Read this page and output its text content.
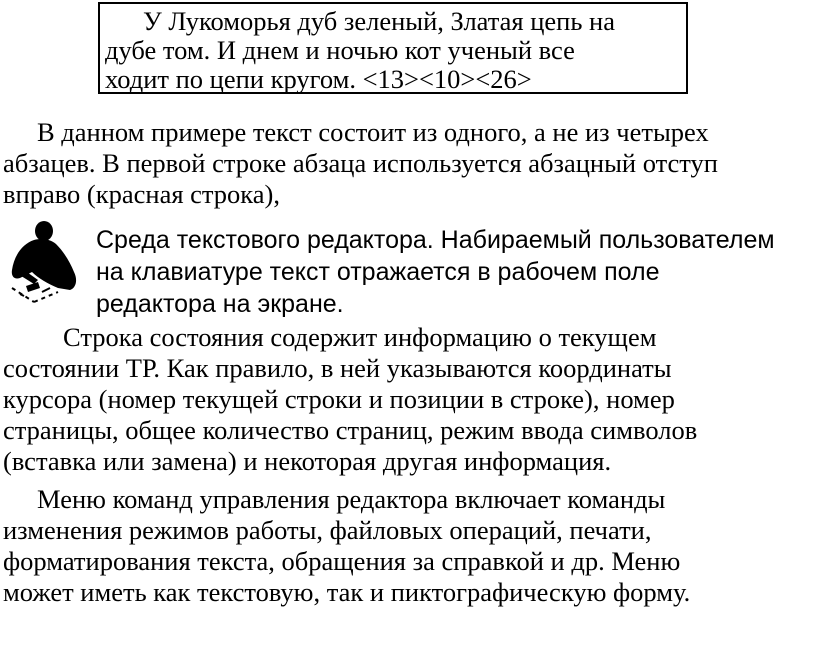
У Лукоморья дуб зеленый, Златая цепь на
дубе том. И днем и ночью кот ученый все
ходит по цепи кругом. <13><10><26>
В данном примере текст состоит из одного, а не из четырех
абзацев. В первой строке абзаца используется абзацный отступ
вправо (красная строка),
Среда текстового редактора. Набираемый пользователем
на клавиатуре текст отражается в рабочем поле
редактора на экране.
Строка состояния содержит информацию о текущем
состоянии ТР. Как правило, в ней указываются координаты
курсора (номер текущей строки и позиции в строке), номер
страницы, общее количество страниц, режим ввода символов
(вставка или замена) и некоторая другая информация.
Меню команд управления редактора включает команды
изменения режимов работы, файловых операций, печати,
форматирования текста, обращения за справкой и др. Меню
может иметь как текстовую, так и пиктографическую форму.
